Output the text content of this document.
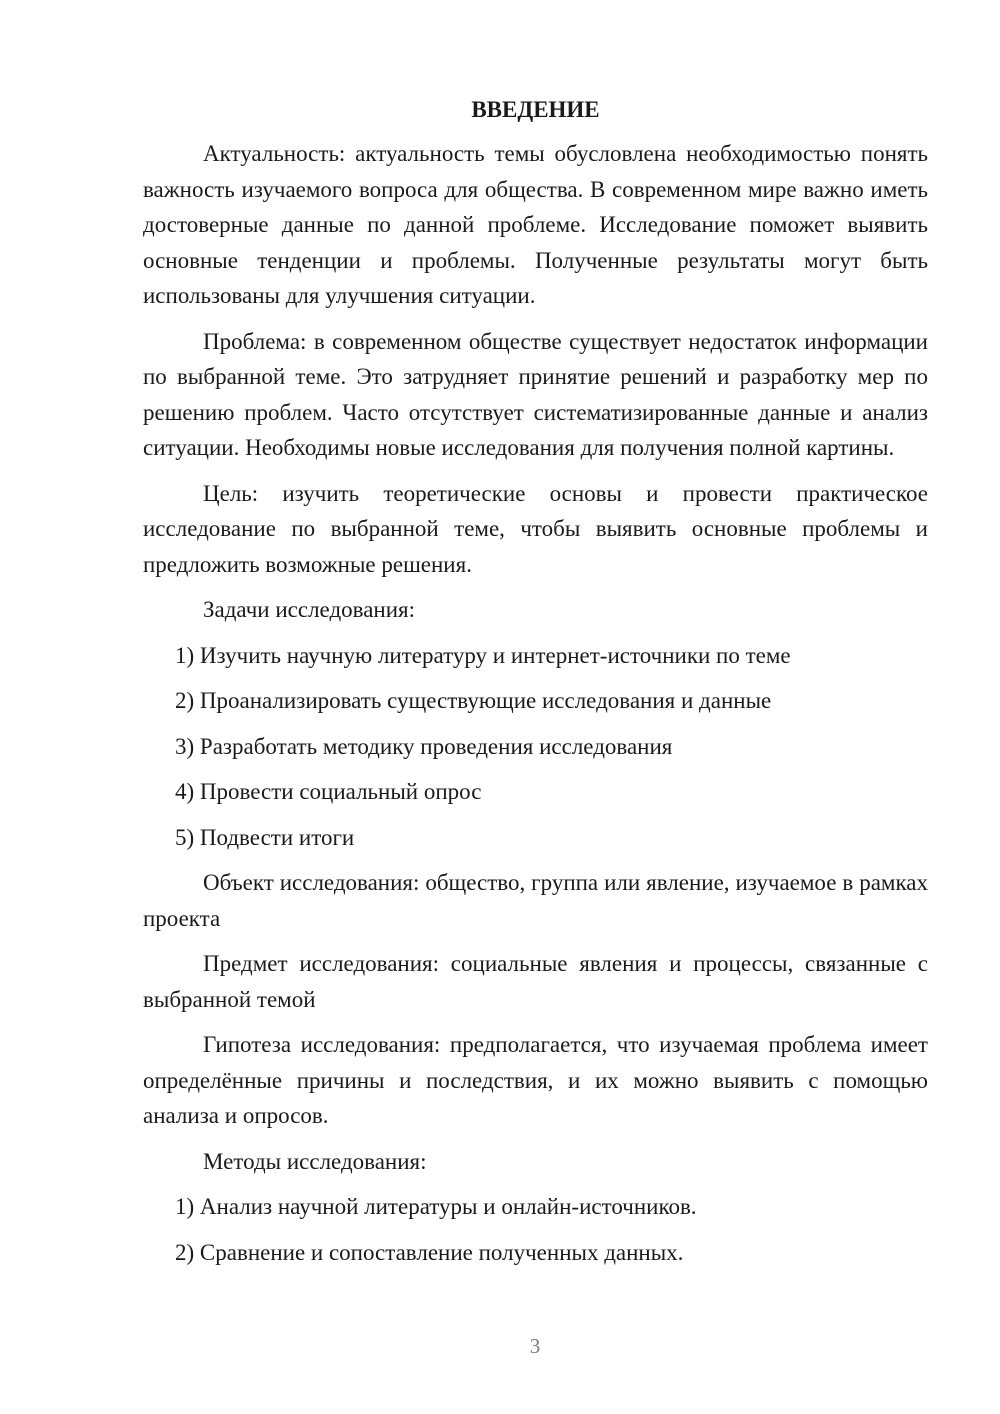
ВВЕДЕНИЕ

Актуальность: актуальность темы обусловлена необходимостью понять важность изучаемого вопроса для общества. В современном мире важно иметь достоверные данные по данной проблеме. Исследование поможет выявить основные тенденции и проблемы. Полученные результаты могут быть использованы для улучшения ситуации.

Проблема: в современном обществе существует недостаток информации по выбранной теме. Это затрудняет принятие решений и разработку мер по решению проблем. Часто отсутствует систематизированные данные и анализ ситуации. Необходимы новые исследования для получения полной картины.

Цель: изучить теоретические основы и провести практическое исследование по выбранной теме, чтобы выявить основные проблемы и предложить возможные решения.

Задачи исследования:

1) Изучить научную литературу и интернет-источники по теме

2) Проанализировать существующие исследования и данные

3) Разработать методику проведения исследования

4) Провести социальный опрос

5) Подвести итоги

Объект исследования: общество, группа или явление, изучаемое в рамках проекта

Предмет исследования: социальные явления и процессы, связанные с выбранной темой

Гипотеза исследования: предполагается, что изучаемая проблема имеет определённые причины и последствия, и их можно выявить с помощью анализа и опросов.

Методы исследования:

1) Анализ научной литературы и онлайн-источников.

2) Сравнение и сопоставление полученных данных.

3
